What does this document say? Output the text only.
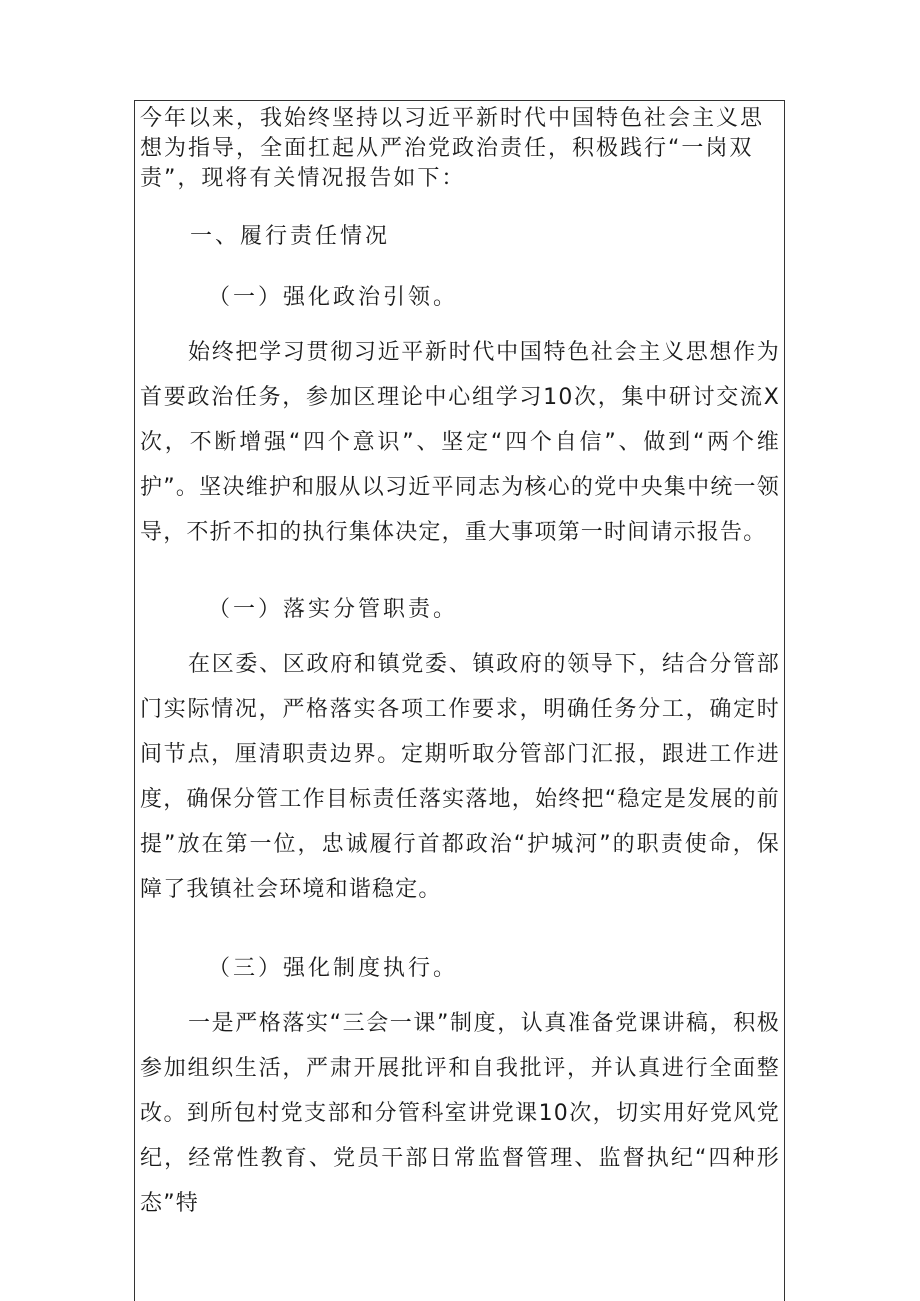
今年以来，我始终坚持以习近平新时代中国特色社会主义思想为指导，全面扛起从严治党政治责任，积极践行“一岗双责”，现将有关情况报告如下：

一、履行责任情况

（一）强化政治引领。

始终把学习贯彻习近平新时代中国特色社会主义思想作为首要政治任务，参加区理论中心组学习10次，集中研讨交流X次，不断增强“四个意识”、坚定“四个自信”、做到“两个维护”。坚决维护和服从以习近平同志为核心的党中央集中统一领导，不折不扣的执行集体决定，重大事项第一时间请示报告。

（一）落实分管职责。

在区委、区政府和镇党委、镇政府的领导下，结合分管部门实际情况，严格落实各项工作要求，明确任务分工，确定时间节点，厘清职责边界。定期听取分管部门汇报，跟进工作进度，确保分管工作目标责任落实落地，始终把“稳定是发展的前提”放在第一位，忠诚履行首都政治“护城河”的职责使命，保障了我镇社会环境和谐稳定。

（三）强化制度执行。

一是严格落实“三会一课”制度，认真准备党课讲稿，积极参加组织生活，严肃开展批评和自我批评，并认真进行全面整改。到所包村党支部和分管科室讲党课10次，切实用好党风党纪，经常性教育、党员干部日常监督管理、监督执纪“四种形态”特
